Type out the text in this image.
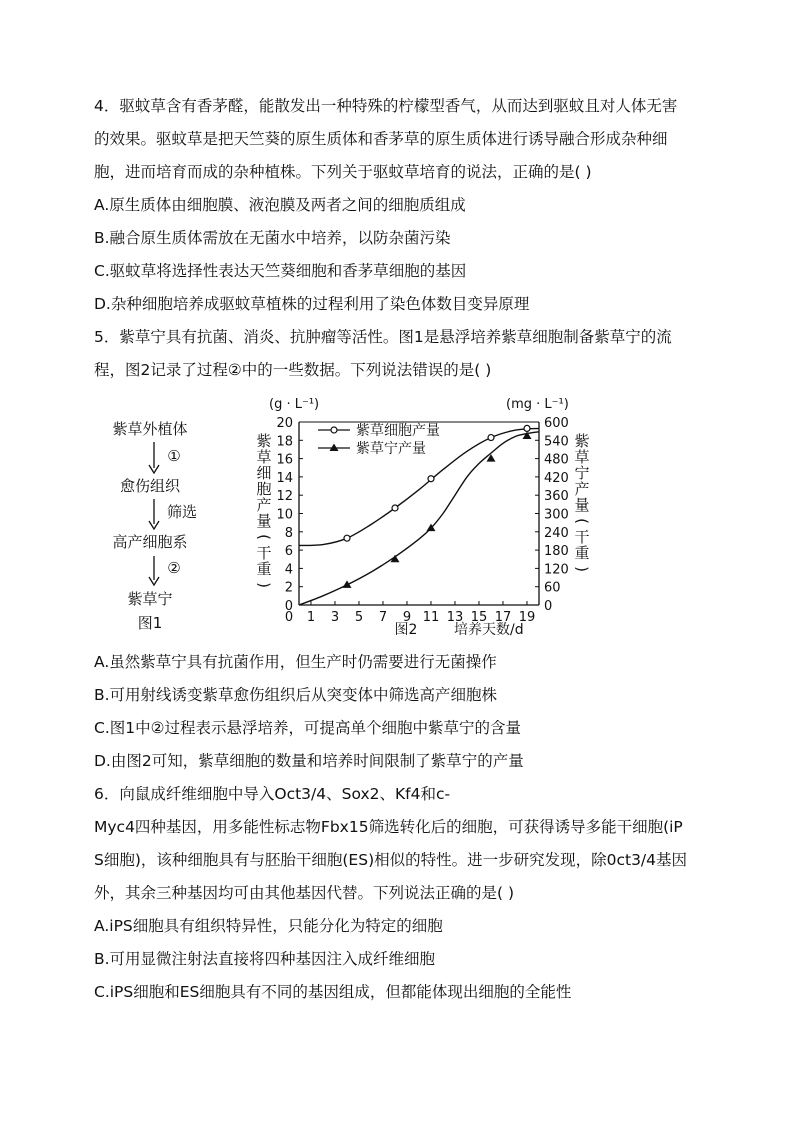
4．驱蚊草含有香茅醛，能散发出一种特殊的柠檬型香气，从而达到驱蚊且对人体无害
的效果。驱蚊草是把天竺葵的原生质体和香茅草的原生质体进行诱导融合形成杂种细
胞，进而培育而成的杂种植株。下列关于驱蚊草培育的说法，正确的是( )
A.原生质体由细胞膜、液泡膜及两者之间的细胞质组成
B.融合原生质体需放在无菌水中培养，以防杂菌污染
C.驱蚊草将选择性表达天竺葵细胞和香茅草细胞的基因
D.杂种细胞培养成驱蚊草植株的过程利用了染色体数目变异原理
5．紫草宁具有抗菌、消炎、抗肿瘤等活性。图1是悬浮培养紫草细胞制备紫草宁的流
程，图2记录了过程②中的一些数据。下列说法错误的是( )
紫草外植体
①
愈伤组织
筛选
高产细胞系
②
紫草宁
图1
(g · L⁻¹)	(mg · L⁻¹)
0
2
4
6
8
10
12
14
16
18
20
0
60
120
180
240
300
360
420
480
540
600
1 3 5 7 9 11 13 15 17 19
0
紫
草
细
胞
产
量
(
干
重
)
紫
草
宁
产
量
(
干
重
)
紫草细胞产量
紫草宁产量
图2	培养天数/d
A.虽然紫草宁具有抗菌作用，但生产时仍需要进行无菌操作
B.可用射线诱变紫草愈伤组织后从突变体中筛选高产细胞株
C.图1中②过程表示悬浮培养，可提高单个细胞中紫草宁的含量
D.由图2可知，紫草细胞的数量和培养时间限制了紫草宁的产量
6．向鼠成纤维细胞中导入Oct3/4、Sox2、Kf4和c-
Myc4四种基因，用多能性标志物Fbx15筛选转化后的细胞，可获得诱导多能干细胞(iP
S细胞)，该种细胞具有与胚胎干细胞(ES)相似的特性。进一步研究发现，除0ct3/4基因
外，其余三种基因均可由其他基因代替。下列说法正确的是( )
A.iPS细胞具有组织特异性，只能分化为特定的细胞
B.可用显微注射法直接将四种基因注入成纤维细胞
C.iPS细胞和ES细胞具有不同的基因组成，但都能体现出细胞的全能性
